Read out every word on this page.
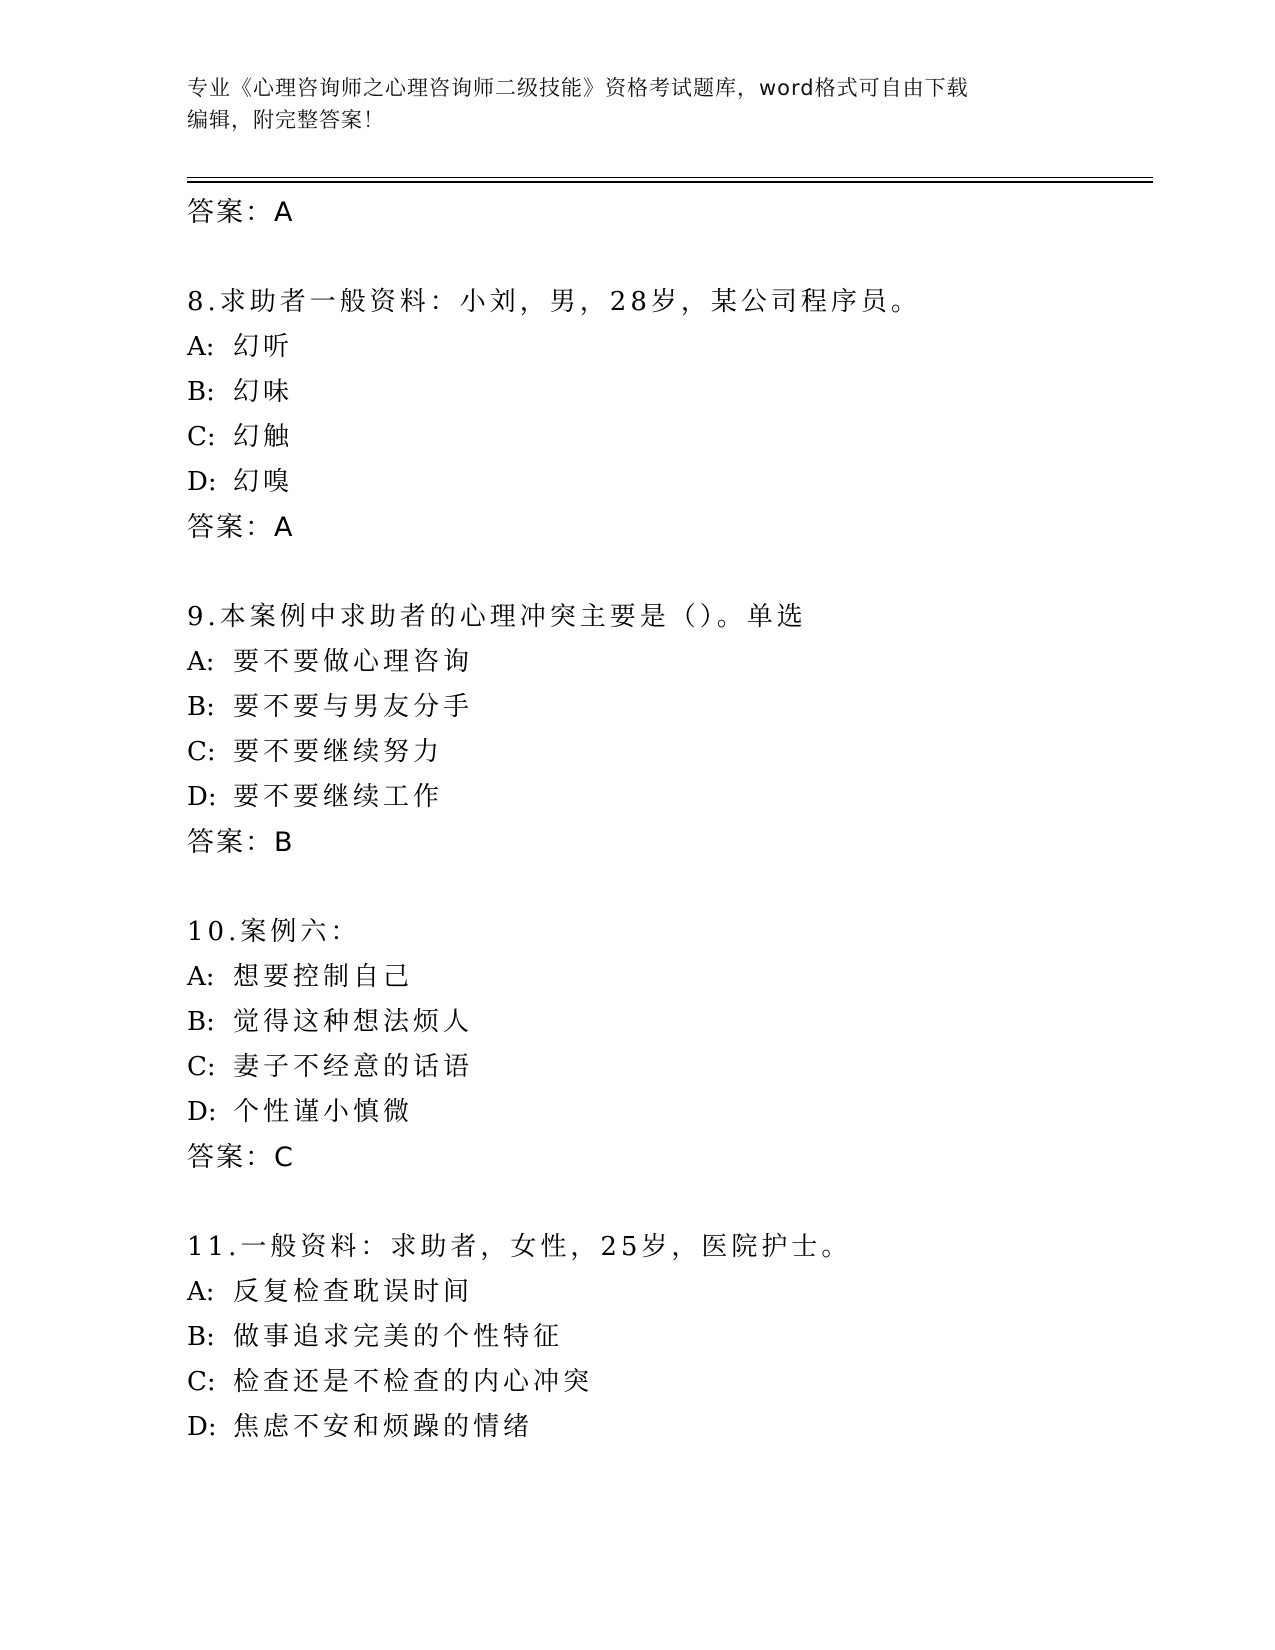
专业《心理咨询师之心理咨询师二级技能》资格考试题库，word格式可自由下载
编辑，附完整答案！
答案：A
8.求助者一般资料：小刘，男，28岁，某公司程序员。
A: 幻听
B: 幻味
C: 幻触
D: 幻嗅
答案：A
9.本案例中求助者的心理冲突主要是（）。单选
A: 要不要做心理咨询
B: 要不要与男友分手
C: 要不要继续努力
D: 要不要继续工作
答案：B
10.案例六：
A: 想要控制自己
B: 觉得这种想法烦人
C: 妻子不经意的话语
D: 个性谨小慎微
答案：C
11.一般资料：求助者，女性，25岁，医院护士。
A: 反复检查耽误时间
B: 做事追求完美的个性特征
C: 检查还是不检查的内心冲突
D: 焦虑不安和烦躁的情绪
